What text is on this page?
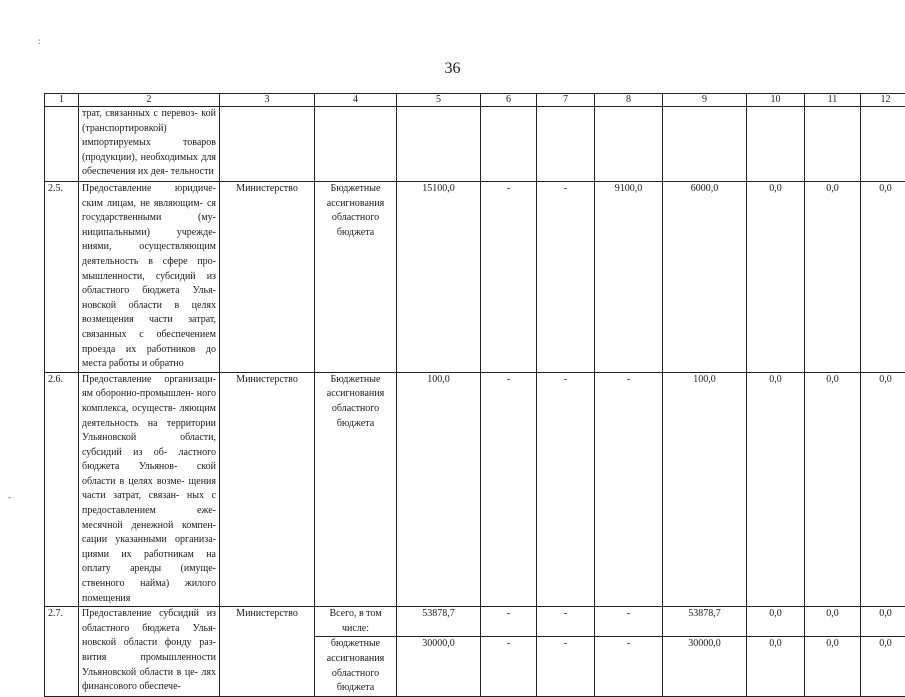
:
-
36
1	2	3	4	5	6	7	8	9	10	11	12
	трат, связанных с перевоз- кой (транспортировкой) импортируемых товаров (продукции), необходимых для обеспечения их дея- тельности										
2.5.	Предоставление юридиче- ским лицам, не являющим- ся государственными (му- ниципальными) учрежде- ниями, осуществляющим деятельность в сфере про- мышленности, субсидий из областного бюджета Улья- новской области в целях возмещения части затрат, связанных с обеспечением проезда их работников до места работы и обратно	Министерство	Бюджетные ассигнования областного бюджета	15100,0	-	-	9100,0	6000,0	0,0	0,0	0,0
2.6.	Предоставление организаци- ям оборонно-промышлен- ного комплекса, осуществ- ляющим деятельность на территории Ульяновской области, субсидий из об- ластного бюджета Ульянов- ской области в целях возме- щения части затрат, связан- ных с предоставлением еже- месячной денежной компен- сации указанными организа- циями их работникам на оплату аренды (имуще- ственного найма) жилого помещения	Министерство	Бюджетные ассигнования областного бюджета	100,0	-	-	-	100,0	0,0	0,0	0,0
2.7.	Предоставление субсидий из областного бюджета Улья- новской области фонду раз- вития промышленности Ульяновской области в це- лях финансового обеспече-	Министерство	Всего, в том числе:	53878,7	-	-	-	53878,7	0,0	0,0	0,0
			бюджетные ассигнования областного бюджета	30000,0	-	-	-	30000,0	0,0	0,0	0,0
